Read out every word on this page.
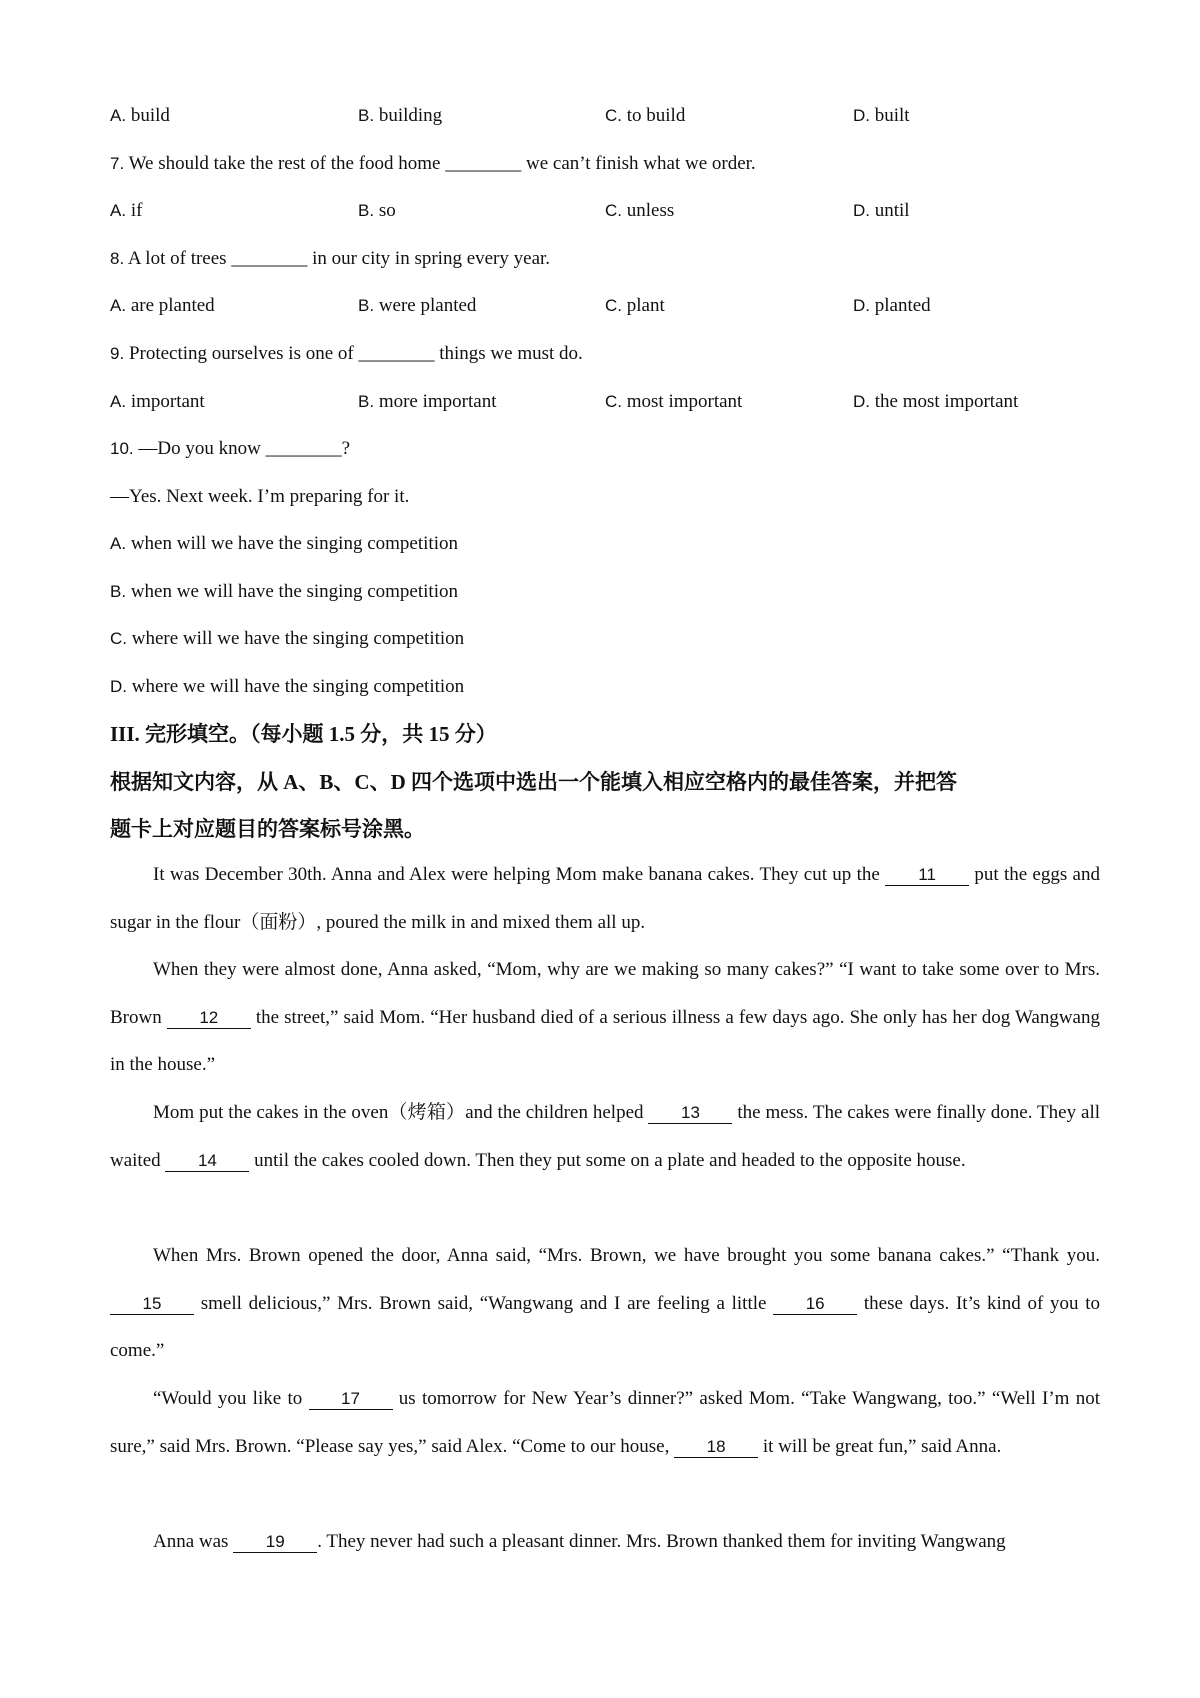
A. build	B. building	C. to build	D. built
7. We should take the rest of the food home ________ we can’t finish what we order.
A. if	B. so	C. unless	D. until
8. A lot of trees ________ in our city in spring every year.
A. are planted	B. were planted	C. plant	D. planted
9. Protecting ourselves is one of ________ things we must do.
A. important	B. more important	C. most important	D. the most important
10. —Do you know ________?
—Yes. Next week. I’m preparing for it.
A. when will we have the singing competition
B. when we will have the singing competition
C. where will we have the singing competition
D. where we will have the singing competition
III. 完形填空。（每小题 1.5 分，共 15 分）
根据知文内容，从 A、B、C、D 四个选项中选出一个能填入相应空格内的最佳答案，并把答
题卡上对应题目的答案标号涂黑。
It was December 30th. Anna and Alex were helping Mom make banana cakes. They cut up the 11 put the eggs and sugar in the flour（面粉）, poured the milk in and mixed them all up.
When they were almost done, Anna asked, “Mom, why are we making so many cakes?” “I want to take some over to Mrs. Brown 12 the street,” said Mom. “Her husband died of a serious illness a few days ago. She only has her dog Wangwang in the house.”
Mom put the cakes in the oven（烤箱）and the children helped 13 the mess. The cakes were finally done. They all waited 14 until the cakes cooled down. Then they put some on a plate and headed to the opposite house.
When Mrs. Brown opened the door, Anna said, “Mrs. Brown, we have brought you some banana cakes.” “Thank you. 15 smell delicious,” Mrs. Brown said, “Wangwang and I are feeling a little 16 these days. It’s kind of you to come.”
“Would you like to 17 us tomorrow for New Year’s dinner?” asked Mom. “Take Wangwang, too.” “Well I’m not sure,” said Mrs. Brown. “Please say yes,” said Alex. “Come to our house, 18 it will be great fun,” said Anna.
Anna was 19 . They never had such a pleasant dinner. Mrs. Brown thanked them for inviting Wangwang
